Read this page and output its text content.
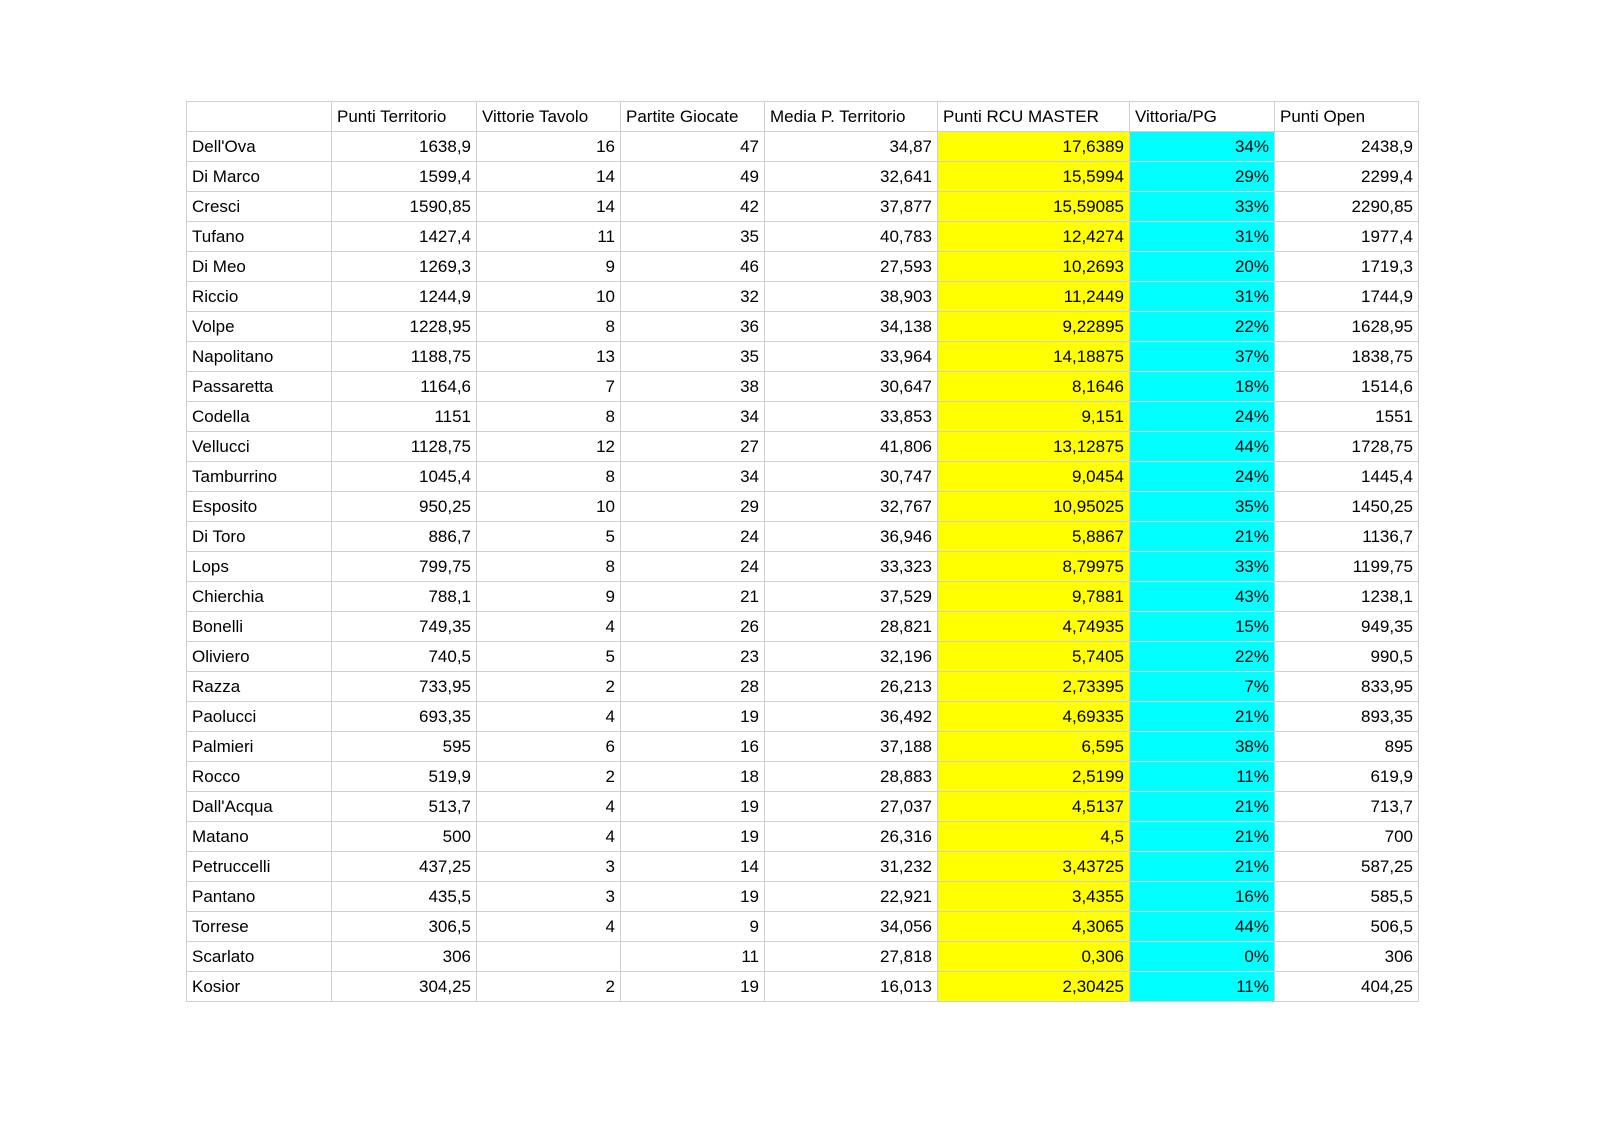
	Punti Territorio	Vittorie Tavolo	Partite Giocate	Media P. Territorio	Punti RCU MASTER	Vittoria/PG	Punti Open
Dell'Ova	1638,9	16	47	34,87	17,6389	34%	2438,9
Di Marco	1599,4	14	49	32,641	15,5994	29%	2299,4
Cresci	1590,85	14	42	37,877	15,59085	33%	2290,85
Tufano	1427,4	11	35	40,783	12,4274	31%	1977,4
Di Meo	1269,3	9	46	27,593	10,2693	20%	1719,3
Riccio	1244,9	10	32	38,903	11,2449	31%	1744,9
Volpe	1228,95	8	36	34,138	9,22895	22%	1628,95
Napolitano	1188,75	13	35	33,964	14,18875	37%	1838,75
Passaretta	1164,6	7	38	30,647	8,1646	18%	1514,6
Codella	1151	8	34	33,853	9,151	24%	1551
Vellucci	1128,75	12	27	41,806	13,12875	44%	1728,75
Tamburrino	1045,4	8	34	30,747	9,0454	24%	1445,4
Esposito	950,25	10	29	32,767	10,95025	35%	1450,25
Di Toro	886,7	5	24	36,946	5,8867	21%	1136,7
Lops	799,75	8	24	33,323	8,79975	33%	1199,75
Chierchia	788,1	9	21	37,529	9,7881	43%	1238,1
Bonelli	749,35	4	26	28,821	4,74935	15%	949,35
Oliviero	740,5	5	23	32,196	5,7405	22%	990,5
Razza	733,95	2	28	26,213	2,73395	7%	833,95
Paolucci	693,35	4	19	36,492	4,69335	21%	893,35
Palmieri	595	6	16	37,188	6,595	38%	895
Rocco	519,9	2	18	28,883	2,5199	11%	619,9
Dall'Acqua	513,7	4	19	27,037	4,5137	21%	713,7
Matano	500	4	19	26,316	4,5	21%	700
Petruccelli	437,25	3	14	31,232	3,43725	21%	587,25
Pantano	435,5	3	19	22,921	3,4355	16%	585,5
Torrese	306,5	4	9	34,056	4,3065	44%	506,5
Scarlato	306		11	27,818	0,306	0%	306
Kosior	304,25	2	19	16,013	2,30425	11%	404,25
